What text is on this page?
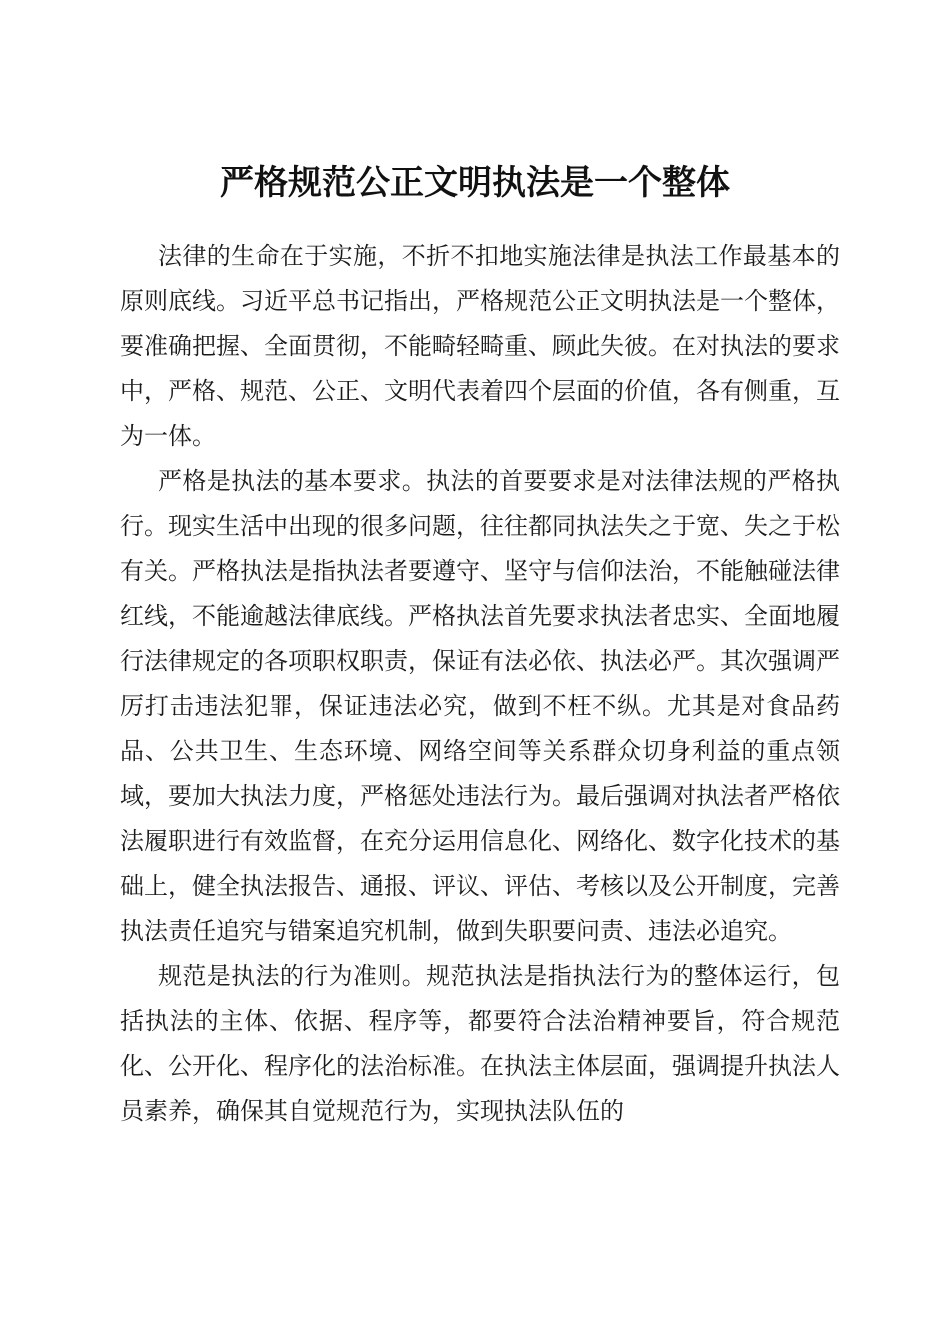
严格规范公正文明执法是一个整体

法律的生命在于实施，不折不扣地实施法律是执法工作最基本的原则底线。习近平总书记指出，严格规范公正文明执法是一个整体，要准确把握、全面贯彻，不能畸轻畸重、顾此失彼。在对执法的要求中，严格、规范、公正、文明代表着四个层面的价值，各有侧重，互为一体。

严格是执法的基本要求。执法的首要要求是对法律法规的严格执行。现实生活中出现的很多问题，往往都同执法失之于宽、失之于松有关。严格执法是指执法者要遵守、坚守与信仰法治，不能触碰法律红线，不能逾越法律底线。严格执法首先要求执法者忠实、全面地履行法律规定的各项职权职责，保证有法必依、执法必严。其次强调严厉打击违法犯罪，保证违法必究，做到不枉不纵。尤其是对食品药品、公共卫生、生态环境、网络空间等关系群众切身利益的重点领域，要加大执法力度，严格惩处违法行为。最后强调对执法者严格依法履职进行有效监督，在充分运用信息化、网络化、数字化技术的基础上，健全执法报告、通报、评议、评估、考核以及公开制度，完善执法责任追究与错案追究机制，做到失职要问责、违法必追究。

规范是执法的行为准则。规范执法是指执法行为的整体运行，包括执法的主体、依据、程序等，都要符合法治精神要旨，符合规范化、公开化、程序化的法治标准。在执法主体层面，强调提升执法人员素养，确保其自觉规范行为，实现执法队伍的
